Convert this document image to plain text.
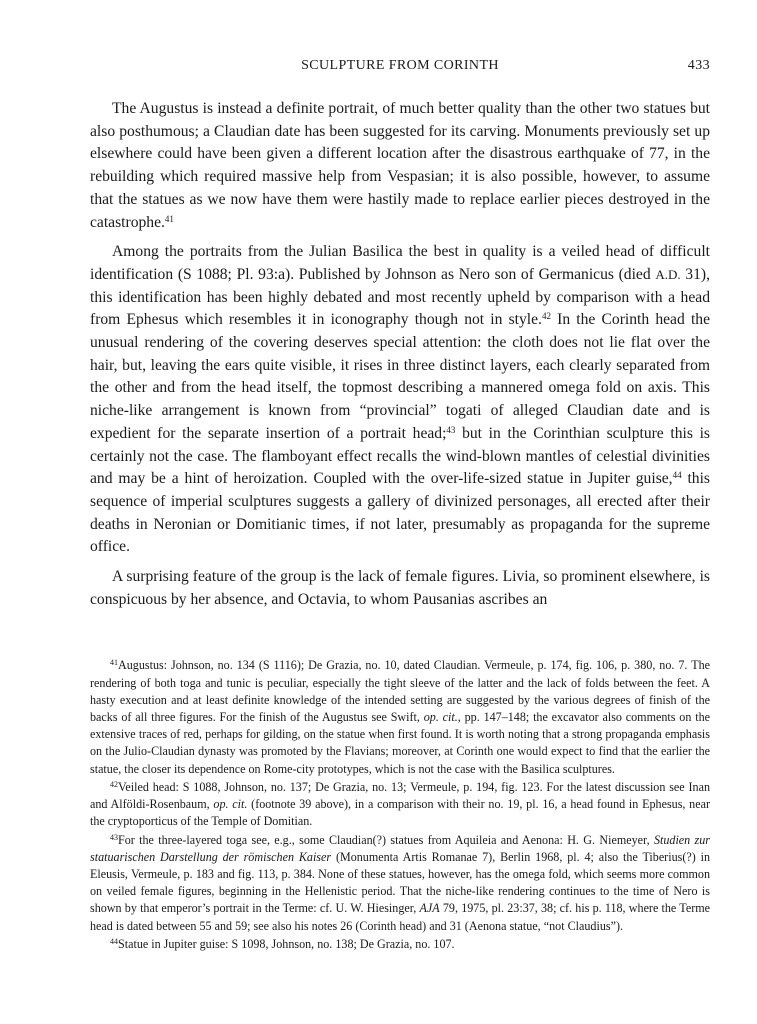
SCULPTURE FROM CORINTH	433

The Augustus is instead a definite portrait, of much better quality than the other two statues but also posthumous; a Claudian date has been suggested for its carving. Monuments previously set up elsewhere could have been given a different location after the disastrous earthquake of 77, in the rebuilding which required massive help from Vespasian; it is also possible, however, to assume that the statues as we now have them were hastily made to replace earlier pieces destroyed in the catastrophe.$^{41}$

Among the portraits from the Julian Basilica the best in quality is a veiled head of difficult identification (S 1088; Pl. 93:a). Published by Johnson as Nero son of Germanicus (died A.D. 31), this identification has been highly debated and most recently upheld by comparison with a head from Ephesus which resembles it in iconography though not in style.$^{42}$ In the Corinth head the unusual rendering of the covering deserves special attention: the cloth does not lie flat over the hair, but, leaving the ears quite visible, it rises in three distinct layers, each clearly separated from the other and from the head itself, the topmost describing a mannered omega fold on axis. This niche-like arrangement is known from “provincial” togati of alleged Claudian date and is expedient for the separate insertion of a portrait head;$^{43}$ but in the Corinthian sculpture this is certainly not the case. The flamboyant effect recalls the wind-blown mantles of celestial divinities and may be a hint of heroization. Coupled with the over-life-sized statue in Jupiter guise,$^{44}$ this sequence of imperial sculptures suggests a gallery of divinized personages, all erected after their deaths in Neronian or Domitianic times, if not later, presumably as propaganda for the supreme office.

A surprising feature of the group is the lack of female figures. Livia, so prominent elsewhere, is conspicuous by her absence, and Octavia, to whom Pausanias ascribes an

$^{41}$Augustus: Johnson, no. 134 (S 1116); De Grazia, no. 10, dated Claudian. Vermeule, p. 174, fig. 106, p. 380, no. 7. The rendering of both toga and tunic is peculiar, especially the tight sleeve of the latter and the lack of folds between the feet. A hasty execution and at least definite knowledge of the intended setting are suggested by the various degrees of finish of the backs of all three figures. For the finish of the Augustus see Swift, op. cit., pp. 147–148; the excavator also comments on the extensive traces of red, perhaps for gilding, on the statue when first found. It is worth noting that a strong propaganda emphasis on the Julio-Claudian dynasty was promoted by the Flavians; moreover, at Corinth one would expect to find that the earlier the statue, the closer its dependence on Rome-city prototypes, which is not the case with the Basilica sculptures.

$^{42}$Veiled head: S 1088, Johnson, no. 137; De Grazia, no. 13; Vermeule, p. 194, fig. 123. For the latest discussion see Inan and Alföldi-Rosenbaum, op. cit. (footnote 39 above), in a comparison with their no. 19, pl. 16, a head found in Ephesus, near the cryptoporticus of the Temple of Domitian.

$^{43}$For the three-layered toga see, e.g., some Claudian(?) statues from Aquileia and Aenona: H. G. Niemeyer, Studien zur statuarischen Darstellung der römischen Kaiser (Monumenta Artis Romanae 7), Berlin 1968, pl. 4; also the Tiberius(?) in Eleusis, Vermeule, p. 183 and fig. 113, p. 384. None of these statues, however, has the omega fold, which seems more common on veiled female figures, beginning in the Hellenistic period. That the niche-like rendering continues to the time of Nero is shown by that emperor’s portrait in the Terme: cf. U. W. Hiesinger, AJA 79, 1975, pl. 23:37, 38; cf. his p. 118, where the Terme head is dated between 55 and 59; see also his notes 26 (Corinth head) and 31 (Aenona statue, “not Claudius”).

$^{44}$Statue in Jupiter guise: S 1098, Johnson, no. 138; De Grazia, no. 107.
